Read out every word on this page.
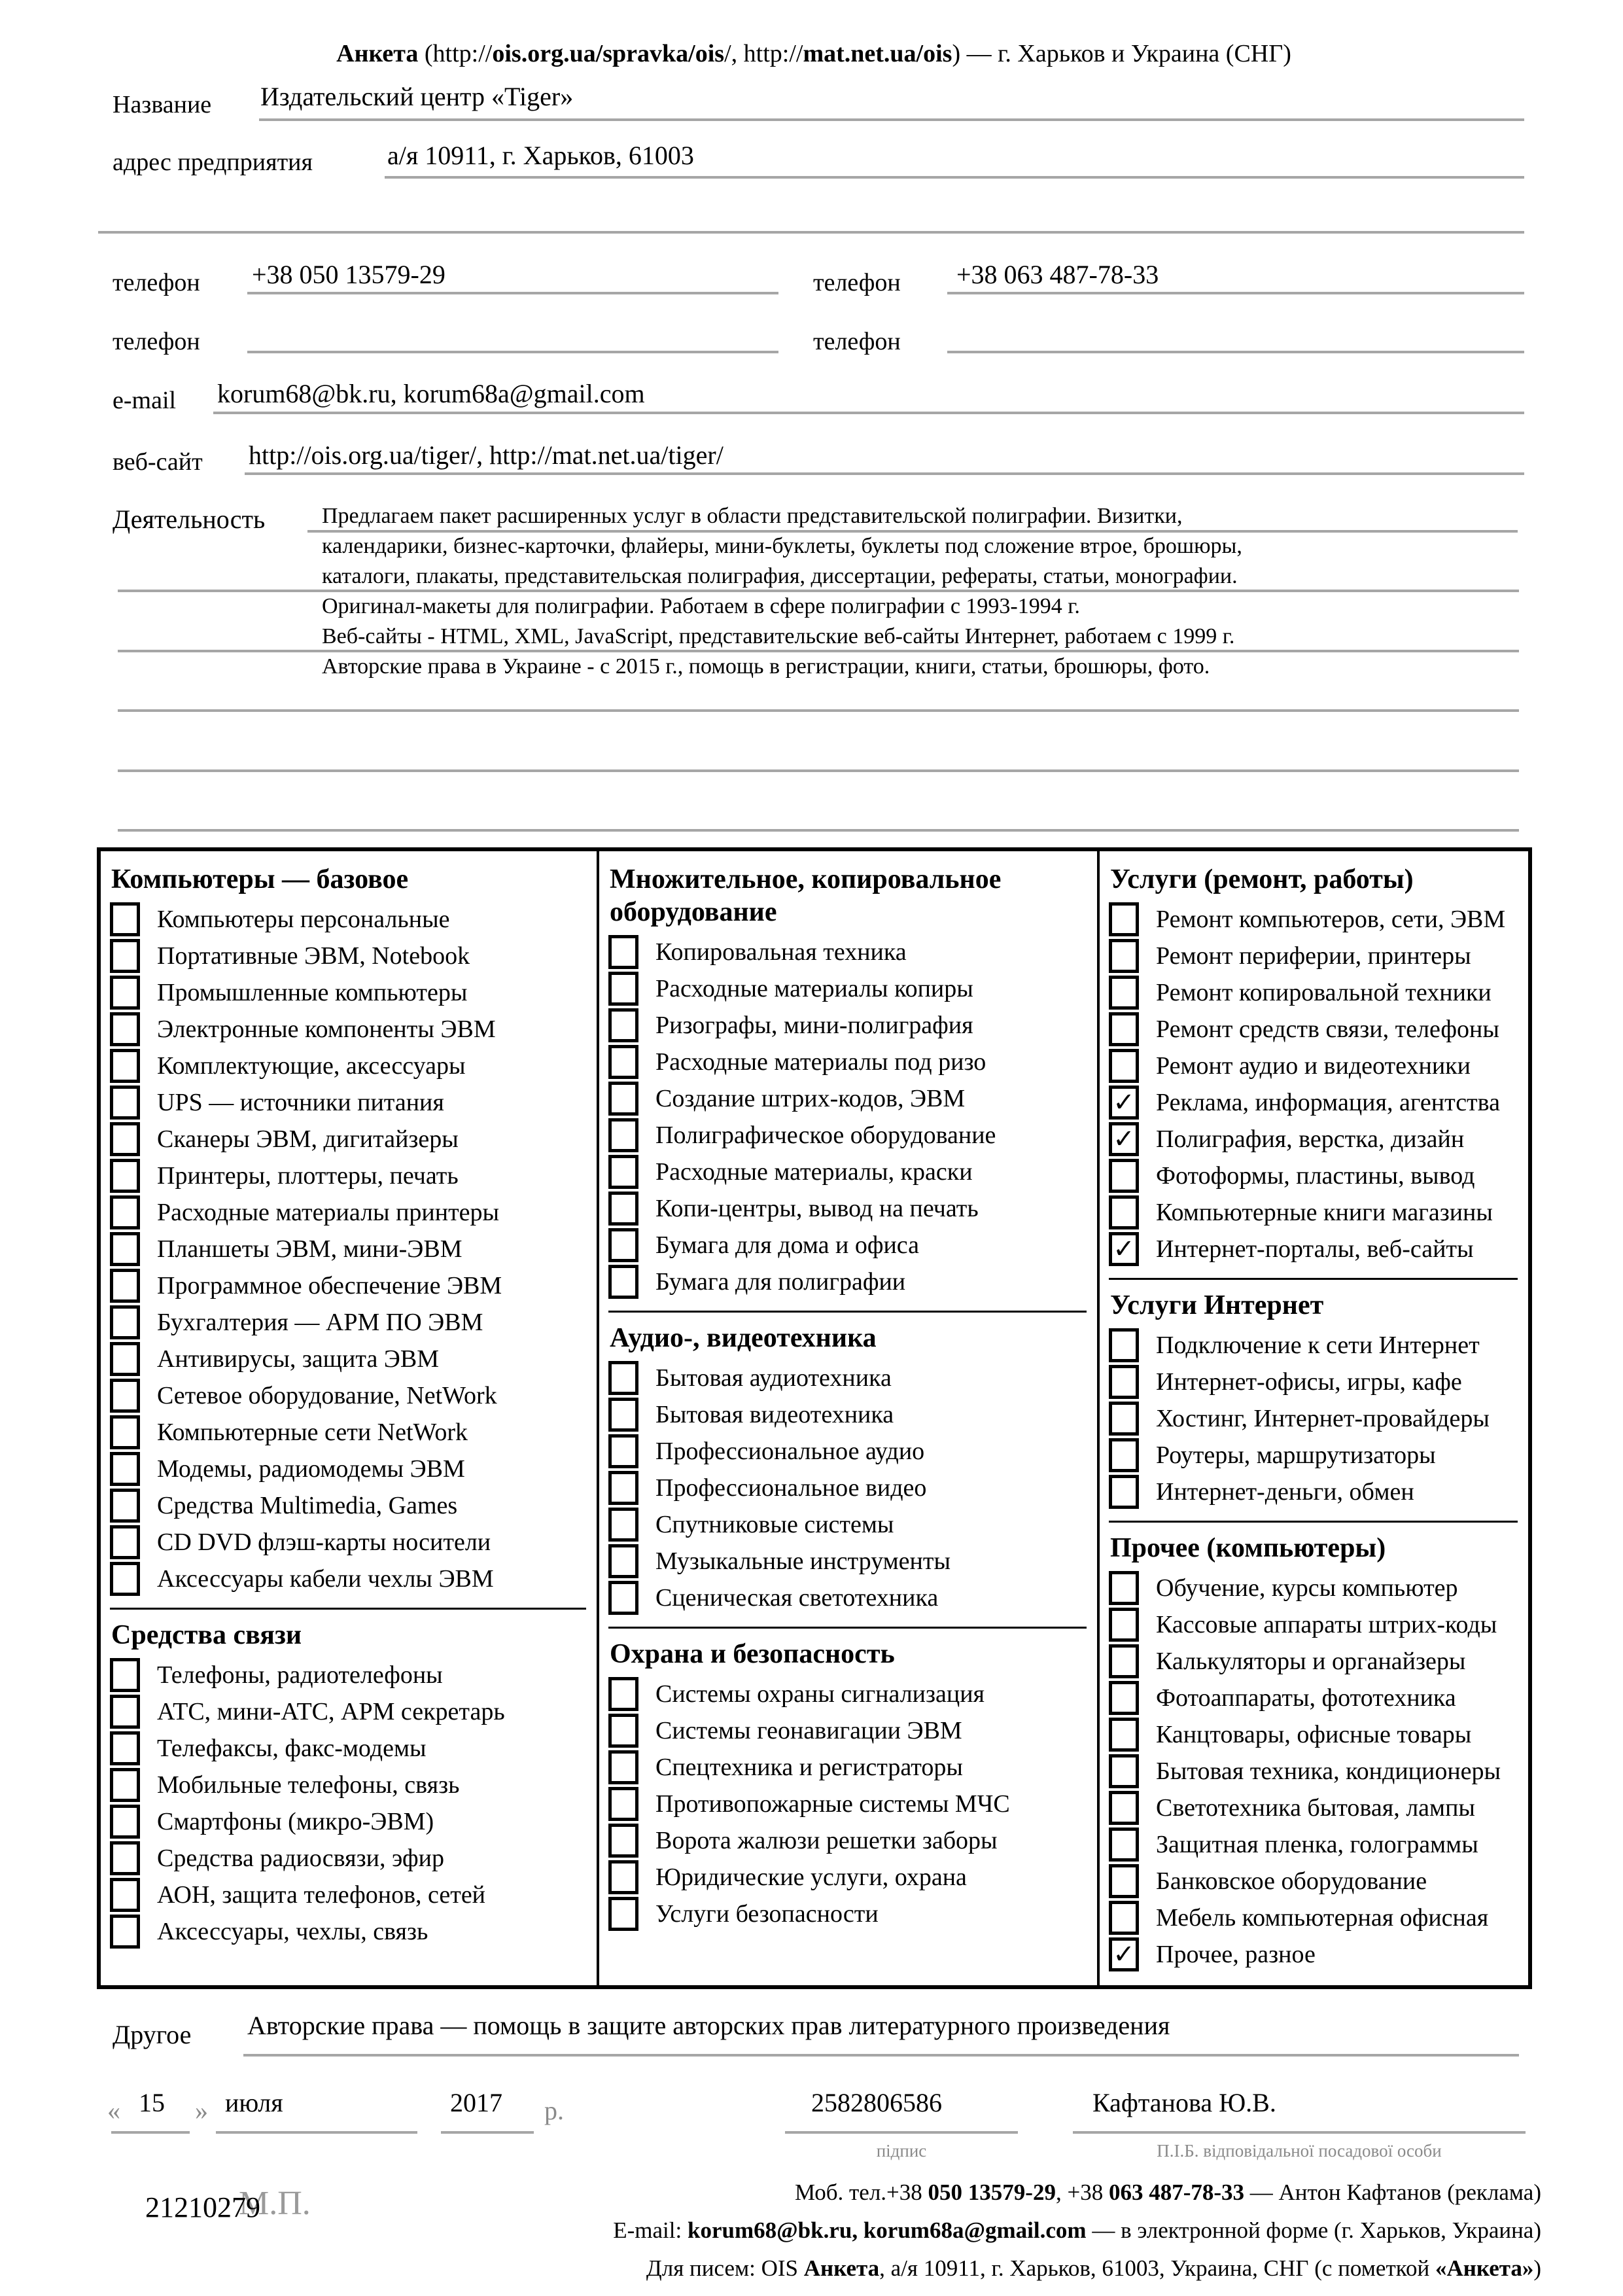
Анкета (http://ois.org.ua/spravka/ois/, http://mat.net.ua/ois) — г. Харьков и Украина (СНГ)
Название Издательский центр «Tiger»
адрес предприятия	а/я 10911, г. Харьков, 61003
телефон +38 050 13579-29	телефон +38 063 487-78-33
телефон	телефон
e-mail korum68@bk.ru, korum68a@gmail.com
веб-сайт http://ois.org.ua/tiger/, http://mat.net.ua/tiger/
Деятельность	Предлагаем пакет расширенных услуг в области представительской полиграфии. Визитки,
календарики, бизнес-карточки, флайеры, мини-буклеты, буклеты под сложение втрое, брошюры,
каталоги, плакаты, представительская полиграфия, диссертации, рефераты, статьи, монографии.
Оригинал-макеты для полиграфии. Работаем в сфере полиграфии с 1993-1994 г.
Веб-сайты - HTML, XML, JavaScript, представительские веб-сайты Интернет, работаем с 1999 г.
Авторские права в Украине - с 2015 г., помощь в регистрации, книги, статьи, брошюры, фото.
Компьютеры — базовое
Компьютеры персональные
Портативные ЭВМ, Notebook
Промышленные компьютеры
Электронные компоненты ЭВМ
Комплектующие, аксессуары
UPS — источники питания
Сканеры ЭВМ, дигитайзеры
Принтеры, плоттеры, печать
Расходные материалы принтеры
Планшеты ЭВМ, мини-ЭВМ
Программное обеспечение ЭВМ
Бухгалтерия — АРМ ПО ЭВМ
Антивирусы, защита ЭВМ
Сетевое оборудование, NetWork
Компьютерные сети NetWork
Модемы, радиомодемы ЭВМ
Средства Multimedia, Games
CD DVD флэш-карты носители
Аксессуары кабели чехлы ЭВМ
Средства связи
Телефоны, радиотелефоны
АТС, мини-АТС, АРМ секретарь
Телефаксы, факс-модемы
Мобильные телефоны, связь
Смартфоны (микро-ЭВМ)
Средства радиосвязи, эфир
АОН, защита телефонов, сетей
Аксессуары, чехлы, связь
Множительное, копировальное оборудование
Копировальная техника
Расходные материалы копиры
Ризографы, мини-полиграфия
Расходные материалы под ризо
Создание штрих-кодов, ЭВМ
Полиграфическое оборудование
Расходные материалы, краски
Копи-центры, вывод на печать
Бумага для дома и офиса
Бумага для полиграфии
Аудио-, видеотехника
Бытовая аудиотехника
Бытовая видеотехника
Профессиональное аудио
Профессиональное видео
Спутниковые системы
Музыкальные инструменты
Сценическая светотехника
Охрана и безопасность
Системы охраны сигнализация
Системы геонавигации ЭВМ
Спецтехника и регистраторы
Противопожарные системы МЧС
Ворота жалюзи решетки заборы
Юридические услуги, охрана
Услуги безопасности
Услуги (ремонт, работы)
Ремонт компьютеров, сети, ЭВМ
Ремонт периферии, принтеры
Ремонт копировальной техники
Ремонт средств связи, телефоны
Ремонт аудио и видеотехники
✓ Реклама, информация, агентства
✓ Полиграфия, верстка, дизайн
Фотоформы, пластины, вывод
Компьютерные книги магазины
✓ Интернет-порталы, веб-сайты
Услуги Интернет
Подключение к сети Интернет
Интернет-офисы, игры, кафе
Хостинг, Интернет-провайдеры
Роутеры, маршрутизаторы
Интернет-деньги, обмен
Прочее (компьютеры)
Обучение, курсы компьютер
Кассовые аппараты штрих-коды
Калькуляторы и органайзеры
Фотоаппараты, фототехника
Канцтовары, офисные товары
Бытовая техника, кондиционеры
Светотехника бытовая, лампы
Защитная пленка, голограммы
Банковское оборудование
Мебель компьютерная офисная
✓ Прочее, разное
Другое Авторские права — помощь в защите авторских прав литературного произведения
« 15 » июля	2017 р.	2582806586
підпис
Кафтанова Ю.В.
П.І.Б. відповідальної посадової особи
М.П.
21210279	Моб. тел.+38 050 13579-29, +38 063 487-78-33 — Антон Кафтанов (реклама)
E-mail: korum68@bk.ru, korum68a@gmail.com — в электронной форме (г. Харьков, Украина)
Для писем: OIS Анкета, а/я 10911, г. Харьков, 61003, Украина, СНГ (с пометкой «Анкета»)
